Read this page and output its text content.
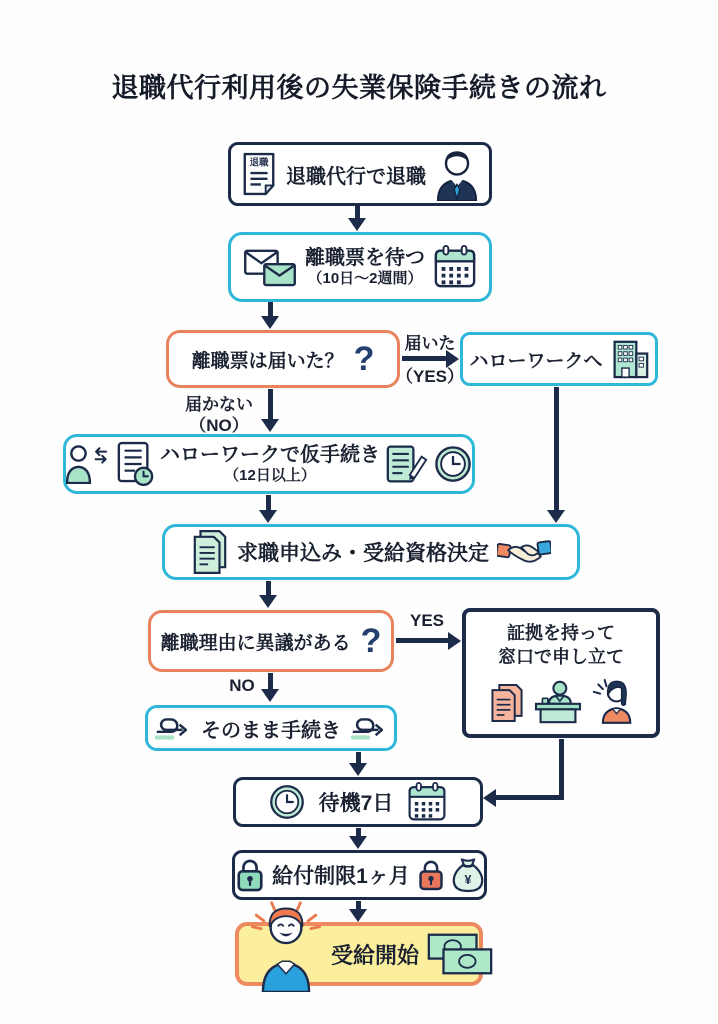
退職代行利用後の失業保険手続きの流れ
届いた
（YES）
届かない
（NO）
YES
NO
退職
退職代行で退職
離職票を待つ
（10日〜2週間）
離職票は届いた？ ?	ハローワークへ
ハローワークで仮手続き
（12日以上）
求職申込み・受給資格決定
離職理由に異議がある ?	証拠を持って
窓口で申し立て
そのまま手続き
待機7日
給付制限1ヶ月	¥
受給開始
